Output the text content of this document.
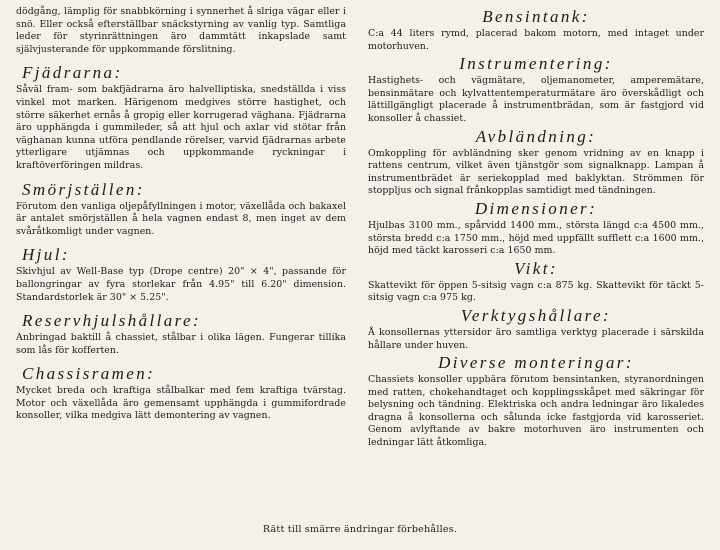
dödgång, lämplig för snabbkörning i synnerhet å slriga vägar eller i snö. Eller också efterställbar snäckstyrning av vanlig typ. Samtliga leder för styrinrättningen äro dammtätt inkapslade samt självjusterande för uppkommande förslitning.

Fjädrarna:

Såväl fram- som bakfjädrarna äro halvelliptiska, snedställda i viss vinkel mot marken. Härigenom medgives större hastighet, och större säkerhet ernås å gropig eller korrugerad väghana. Fjädrarna äro upphängda i gummileder, så att hjul och axlar vid stötar från väghanan kunna utföra pendlande rörelser, varvid fjädrarnas arbete ytterligare utjämnas och uppkommande ryckningar i kraftöverföringen mildras.

Smörjställen:

Förutom den vanliga oljepåfyllningen i motor, växellåda och bakaxel är antalet smörjställen å hela vagnen endast 8, men inget av dem svåråtkomligt under vagnen.

Hjul:

Skivhjul av Well-Base typ (Drope centre) 20" × 4", passande för ballongringar av fyra storlekar från 4.95" till 6.20" dimension. Standardstorlek är 30" × 5.25".

Reservhjulshållare:

Anbringad baktill å chassiet, stålbar i olika lägen. Fungerar tillika som lås för kofferten.

Chassisramen:

Mycket breda och kraftiga stålbalkar med fem kraftiga tvärstag. Motor och växellåda äro gemensamt upphängda i gummifordrade konsoller, vilka medgiva lätt demontering av vagnen.

Bensintank:

C:a 44 liters rymd, placerad bakom motorn, med intaget under motorhuven.

Instrumentering:

Hastighets- och vägmätare, oljemanometer, amperemätare, bensinmätare och kylvattentemperaturmätare äro överskådligt och lättillgängligt placerade å instrumentbrädan, som är fastgjord vid konsoller å chassiet.

Avbländning:

Omkoppling för avbländning sker genom vridning av en knapp i rattens centrum, vilket även tjänstgör som signalknapp. Lampan å instrumentbrädet är seriekopplad med baklyktan. Strömmen för stoppljus och signal frånkopplas samtidigt med tändningen.

Dimensioner:

Hjulbas 3100 mm., spårvidd 1400 mm., största längd c:a 4500 mm., största bredd c:a 1750 mm., höjd med uppfällt sufflett c:a 1600 mm., höjd med täckt karosseri c:a 1650 mm.

Vikt:

Skattevikt för öppen 5-sitsig vagn c:a 875 kg. Skattevikt för täckt 5-sitsig vagn c:a 975 kg.

Verktygshållare:

Å konsollernas yttersidor äro samtliga verktyg placerade i särskilda hållare under huven.

Diverse monteringar:

Chassiets konsoller uppbära förutom bensintanken, styranordningen med ratten, chokehandtaget och kopplingsskåpet med säkringar för belysning och tändning. Elektriska och andra ledningar äro likaledes dragna å konsollerna och sålunda icke fastgjorda vid karosseriet. Genom avlyftande av bakre motorhuven äro instrumenten och ledningar lätt åtkomliga.

Rätt till smärre ändringar förbehålles.
